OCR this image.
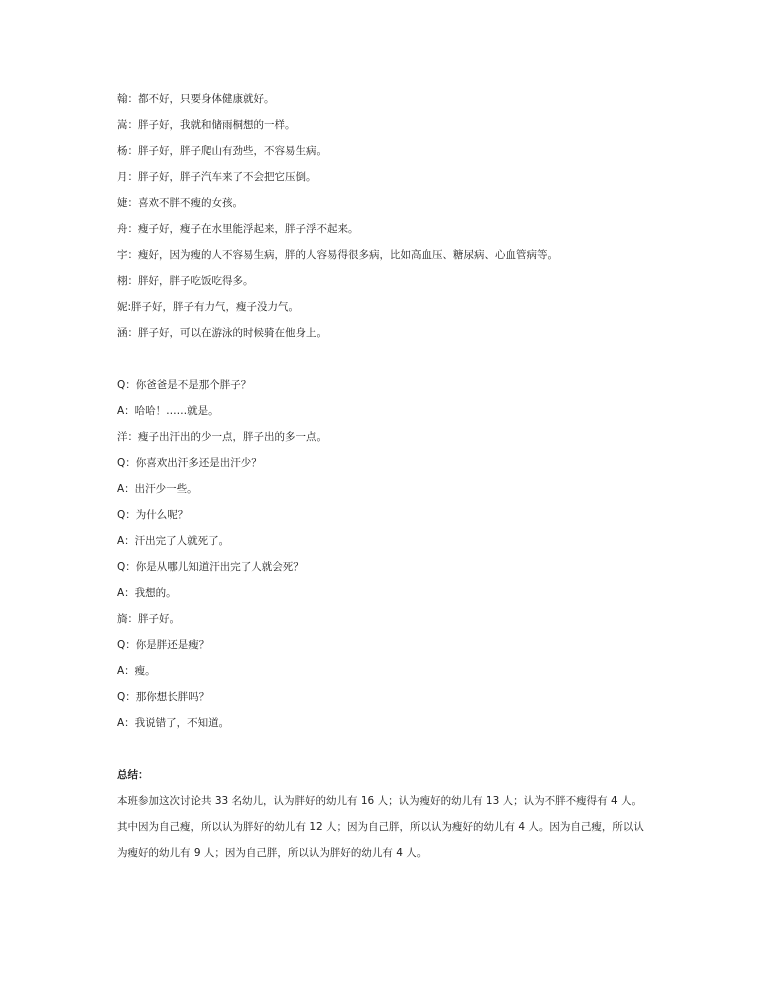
翰：都不好，只要身体健康就好。

嵩：胖子好，我就和储雨桐想的一样。

杨：胖子好，胖子爬山有劲些，不容易生病。

月：胖子好，胖子汽车来了不会把它压倒。

婕：喜欢不胖不瘦的女孩。

舟：瘦子好，瘦子在水里能浮起来，胖子浮不起来。

宇：瘦好，因为瘦的人不容易生病，胖的人容易得很多病，比如高血压、糖尿病、心血管病等。

栩：胖好，胖子吃饭吃得多。

妮:胖子好，胖子有力气，瘦子没力气。

涵：胖子好，可以在游泳的时候骑在他身上。

Q：你爸爸是不是那个胖子？

A：哈哈！……就是。

洋：瘦子出汗出的少一点，胖子出的多一点。

Q：你喜欢出汗多还是出汗少？

A：出汗少一些。

Q：为什么呢？

A：汗出完了人就死了。

Q：你是从哪儿知道汗出完了人就会死？

A：我想的。

旖：胖子好。

Q：你是胖还是瘦？

A：瘦。

Q：那你想长胖吗？

A：我说错了，不知道。

总结：

本班参加这次讨论共 33 名幼儿，认为胖好的幼儿有 16 人；认为瘦好的幼儿有 13 人；认为不胖不瘦得有 4 人。其中因为自己瘦，所以认为胖好的幼儿有 12 人；因为自己胖，所以认为瘦好的幼儿有 4 人。因为自己瘦，所以认为瘦好的幼儿有 9 人；因为自己胖，所以认为胖好的幼儿有 4 人。
